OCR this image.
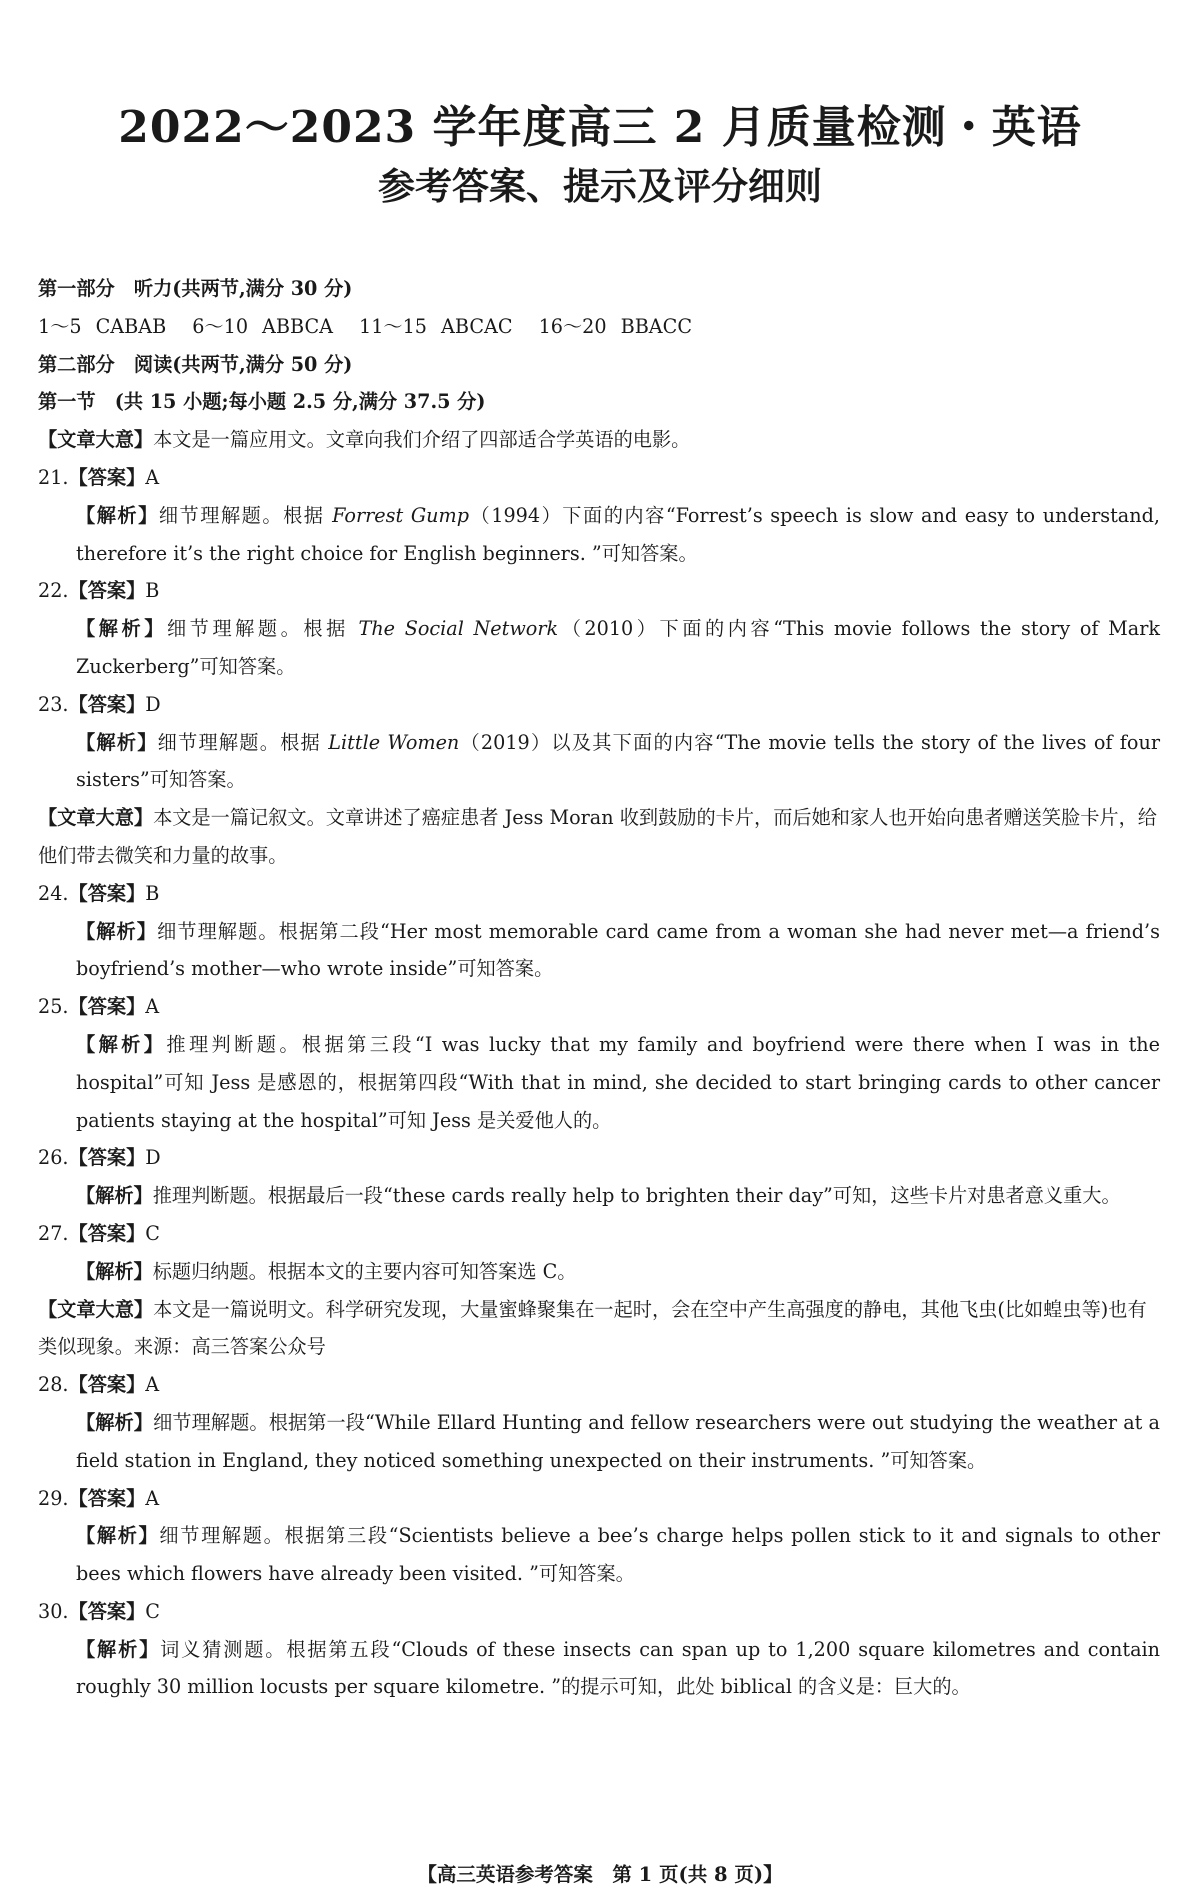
2022～2023 学年度高三 2 月质量检测・英语
参考答案、提示及评分细则
第一部分　听力(共两节,满分 30 分)
1～5 CABAB 6～10 ABBCA 11～15 ABCAC 16～20 BBACC
第二部分　阅读(共两节,满分 50 分)
第一节　(共 15 小题;每小题 2.5 分,满分 37.5 分)
【文章大意】本文是一篇应用文。文章向我们介绍了四部适合学英语的电影。
21.【答案】A
【解析】细节理解题。根据 Forrest Gump（1994）下面的内容“Forrest’s speech is slow and easy to understand, therefore it’s the right choice for English beginners. ”可知答案。
22.【答案】B
【解析】细节理解题。根据 The Social Network（2010）下面的内容“This movie follows the story of Mark Zuckerberg”可知答案。
23.【答案】D
【解析】细节理解题。根据 Little Women（2019）以及其下面的内容“The movie tells the story of the lives of four sisters”可知答案。
【文章大意】本文是一篇记叙文。文章讲述了癌症患者 Jess Moran 收到鼓励的卡片，而后她和家人也开始向患者赠送笑脸卡片，给他们带去微笑和力量的故事。
24.【答案】B
【解析】细节理解题。根据第二段“Her most memorable card came from a woman she had never met—a friend’s boyfriend’s mother—who wrote inside”可知答案。
25.【答案】A
【解析】推理判断题。根据第三段“I was lucky that my family and boyfriend were there when I was in the hospital”可知 Jess 是感恩的，根据第四段“With that in mind, she decided to start bringing cards to other cancer patients staying at the hospital”可知 Jess 是关爱他人的。
26.【答案】D
【解析】推理判断题。根据最后一段“these cards really help to brighten their day”可知，这些卡片对患者意义重大。
27.【答案】C
【解析】标题归纳题。根据本文的主要内容可知答案选 C。
【文章大意】本文是一篇说明文。科学研究发现，大量蜜蜂聚集在一起时，会在空中产生高强度的静电，其他飞虫(比如蝗虫等)也有类似现象。来源：高三答案公众号
28.【答案】A
【解析】细节理解题。根据第一段“While Ellard Hunting and fellow researchers were out studying the weather at a field station in England, they noticed something unexpected on their instruments. ”可知答案。
29.【答案】A
【解析】细节理解题。根据第三段“Scientists believe a bee’s charge helps pollen stick to it and signals to other bees which flowers have already been visited. ”可知答案。
30.【答案】C
【解析】词义猜测题。根据第五段“Clouds of these insects can span up to 1,200 square kilometres and contain roughly 30 million locusts per square kilometre. ”的提示可知，此处 biblical 的含义是：巨大的。
【高三英语参考答案　第 1 页(共 8 页)】
